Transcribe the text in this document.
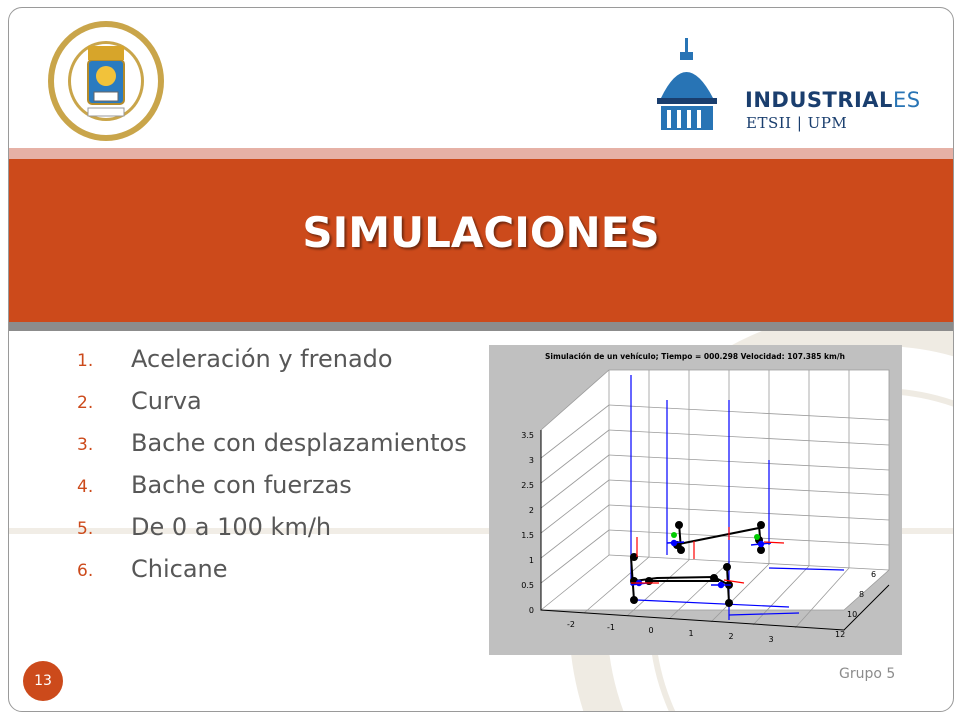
INDUSTRIALES
ETSII | UPM
SIMULACIONES
1. Aceleración y frenado
2. Curva
3. Bache con desplazamientos
4. Bache con fuerzas
5. De 0 a 100 km/h
6. Chicane
Simulación de un vehículo; Tiempo = 000.298 Velocidad: 107.385 km/h
0
0.5
1
1.5
2
2.5
3
3.5
-2	-1	0	1	2	3
6
8
10
12
13	Grupo 5
